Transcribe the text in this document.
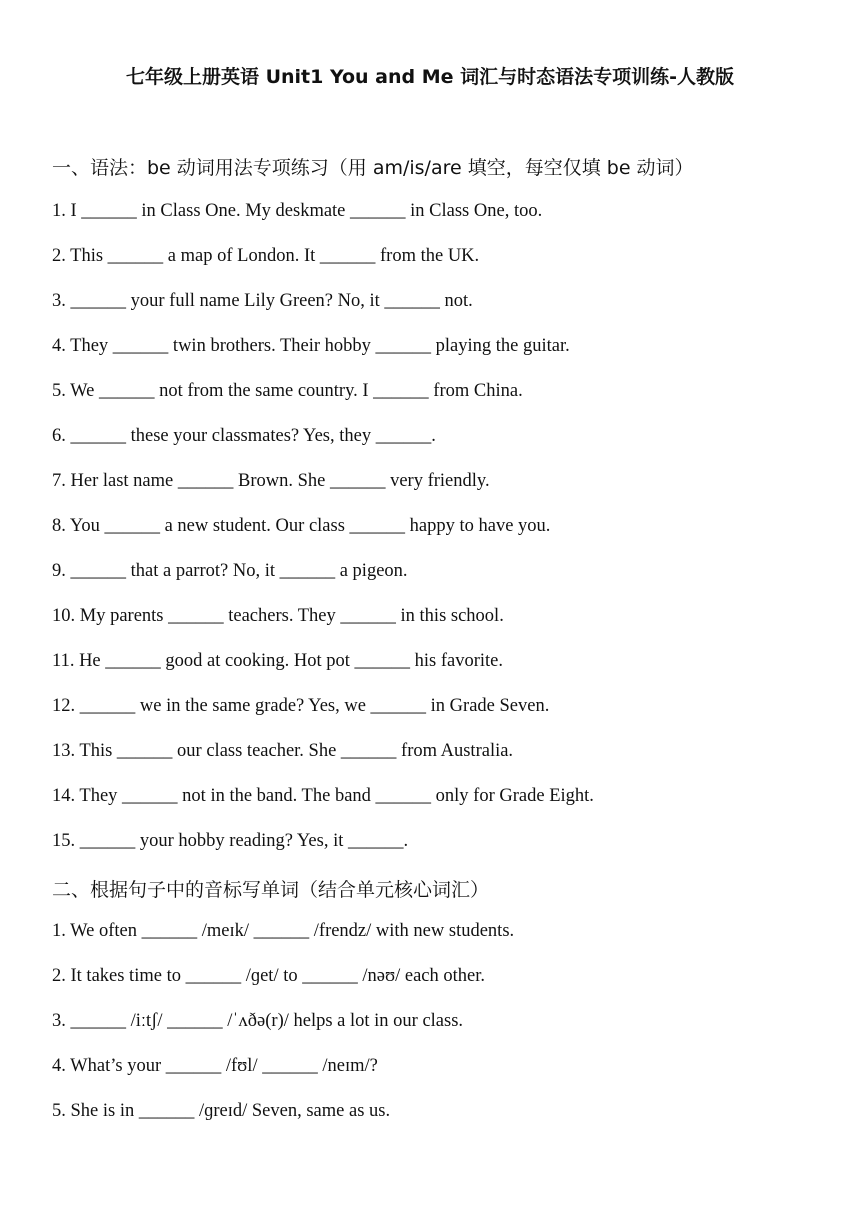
七年级上册英语 Unit1 You and Me 词汇与时态语法专项训练-人教版
一、语法：be 动词用法专项练习（用 am/is/are 填空，每空仅填 be 动词）
1. I ______ in Class One. My deskmate ______ in Class One, too.
2. This ______ a map of London. It ______ from the UK.
3. ______ your full name Lily Green? No, it ______ not.
4. They ______ twin brothers. Their hobby ______ playing the guitar.
5. We ______ not from the same country. I ______ from China.
6. ______ these your classmates? Yes, they ______.
7. Her last name ______ Brown. She ______ very friendly.
8. You ______ a new student. Our class ______ happy to have you.
9. ______ that a parrot? No, it ______ a pigeon.
10. My parents ______ teachers. They ______ in this school.
11. He ______ good at cooking. Hot pot ______ his favorite.
12. ______ we in the same grade? Yes, we ______ in Grade Seven.
13. This ______ our class teacher. She ______ from Australia.
14. They ______ not in the band. The band ______ only for Grade Eight.
15. ______ your hobby reading? Yes, it ______.
二、根据句子中的音标写单词（结合单元核心词汇）
1. We often ______ /meɪk/ ______ /frendz/ with new students.
2. It takes time to ______ /ɡet/ to ______ /nəʊ/ each other.
3. ______ /iːtʃ/ ______ /ˈʌðə(r)/ helps a lot in our class.
4. What’s your ______ /fʊl/ ______ /neɪm/?
5. She is in ______ /ɡreɪd/ Seven, same as us.
